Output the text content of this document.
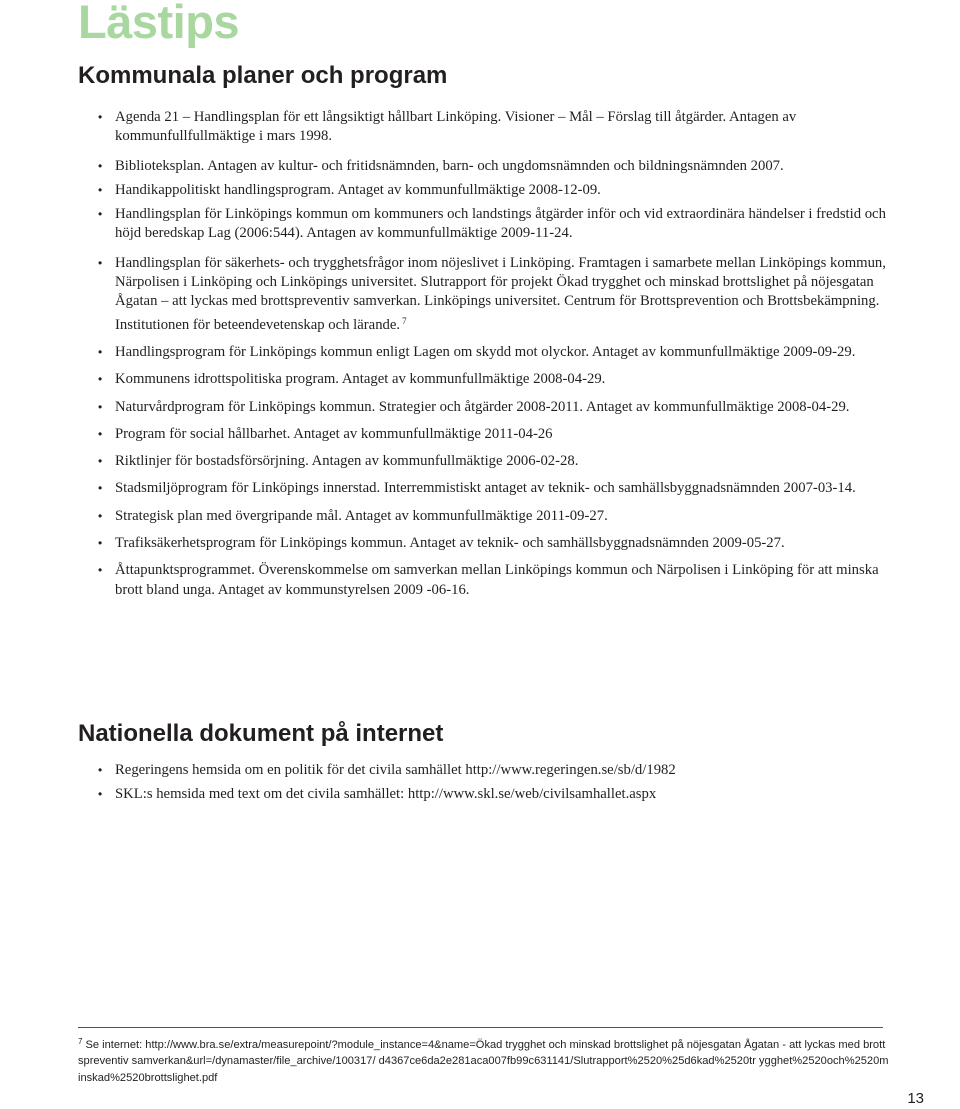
Lästips
Kommunala planer och program
• Agenda 21 – Handlingsplan för ett långsiktigt hållbart Linköping. Visioner – Mål – Förslag till åtgärder. Antagen av kommunfullfullmäktige i mars 1998.
• Biblioteksplan. Antagen av kultur- och fritidsnämnden, barn- och ungdomsnämnden och bildningsnämnden 2007.
• Handikappolitiskt handlingsprogram. Antaget av kommunfullmäktige 2008-12-09.
• Handlingsplan för Linköpings kommun om kommuners och landstings åtgärder inför och vid extraordinära händelser i fredstid och höjd beredskap Lag (2006:544). Antagen av kommunfullmäktige 2009-11-24.
• Handlingsplan för säkerhets- och trygghetsfrågor inom nöjeslivet i Linköping. Framtagen i samarbete mellan Linköpings kommun, Närpolisen i Linköping och Linköpings universitet. Slutrapport för projekt Ökad trygghet och minskad brottslighet på nöjesgatan Ågatan – att lyckas med brottspreventiv samverkan. Linköpings universitet. Centrum för Brottsprevention och Brottsbekämpning. Institutionen för beteendevetenskap och lärande. $^7$
• Handlingsprogram för Linköpings kommun enligt Lagen om skydd mot olyckor. Antaget av kommunfullmäktige 2009-09-29.
• Kommunens idrottspolitiska program. Antaget av kommunfullmäktige 2008-04-29.
• Naturvårdprogram för Linköpings kommun. Strategier och åtgärder 2008-2011. Antaget av kommunfullmäktige 2008-04-29.
• Program för social hållbarhet. Antaget av kommunfullmäktige 2011-04-26
• Riktlinjer för bostadsförsörjning. Antagen av kommunfullmäktige 2006-02-28.
• Stadsmiljöprogram för Linköpings innerstad. Interremmistiskt antaget av teknik- och samhällsbyggnadsnämnden 2007-03-14.
• Strategisk plan med övergripande mål. Antaget av kommunfullmäktige 2011-09-27.
• Trafiksäkerhetsprogram för Linköpings kommun. Antaget av teknik- och samhällsbyggnadsnämnden 2009-05-27.
• Åttapunktsprogrammet. Överenskommelse om samverkan mellan Linköpings kommun och Närpolisen i Linköping för att minska brott bland unga. Antaget av kommunstyrelsen 2009 -06-16.
Nationella dokument på internet
• Regeringens hemsida om en politik för det civila samhället http://www.regeringen.se/sb/d/1982
• SKL:s hemsida med text om det civila samhället: http://www.skl.se/web/civilsamhallet.aspx

$^7$ Se internet: http://www.bra.se/extra/measurepoint/?module_instance=4&name=Ökad trygghet och minskad brottslighet på nöjesgatan Ågatan - att lyckas med brottspreventiv samverkan&url=/dynamaster/file_archive/100317/ d4367ce6da2e281aca007fb99c631141/Slutrapport%2520%25d6kad%2520tr ygghet%2520och%2520minskad%2520brottslighet.pdf

13
